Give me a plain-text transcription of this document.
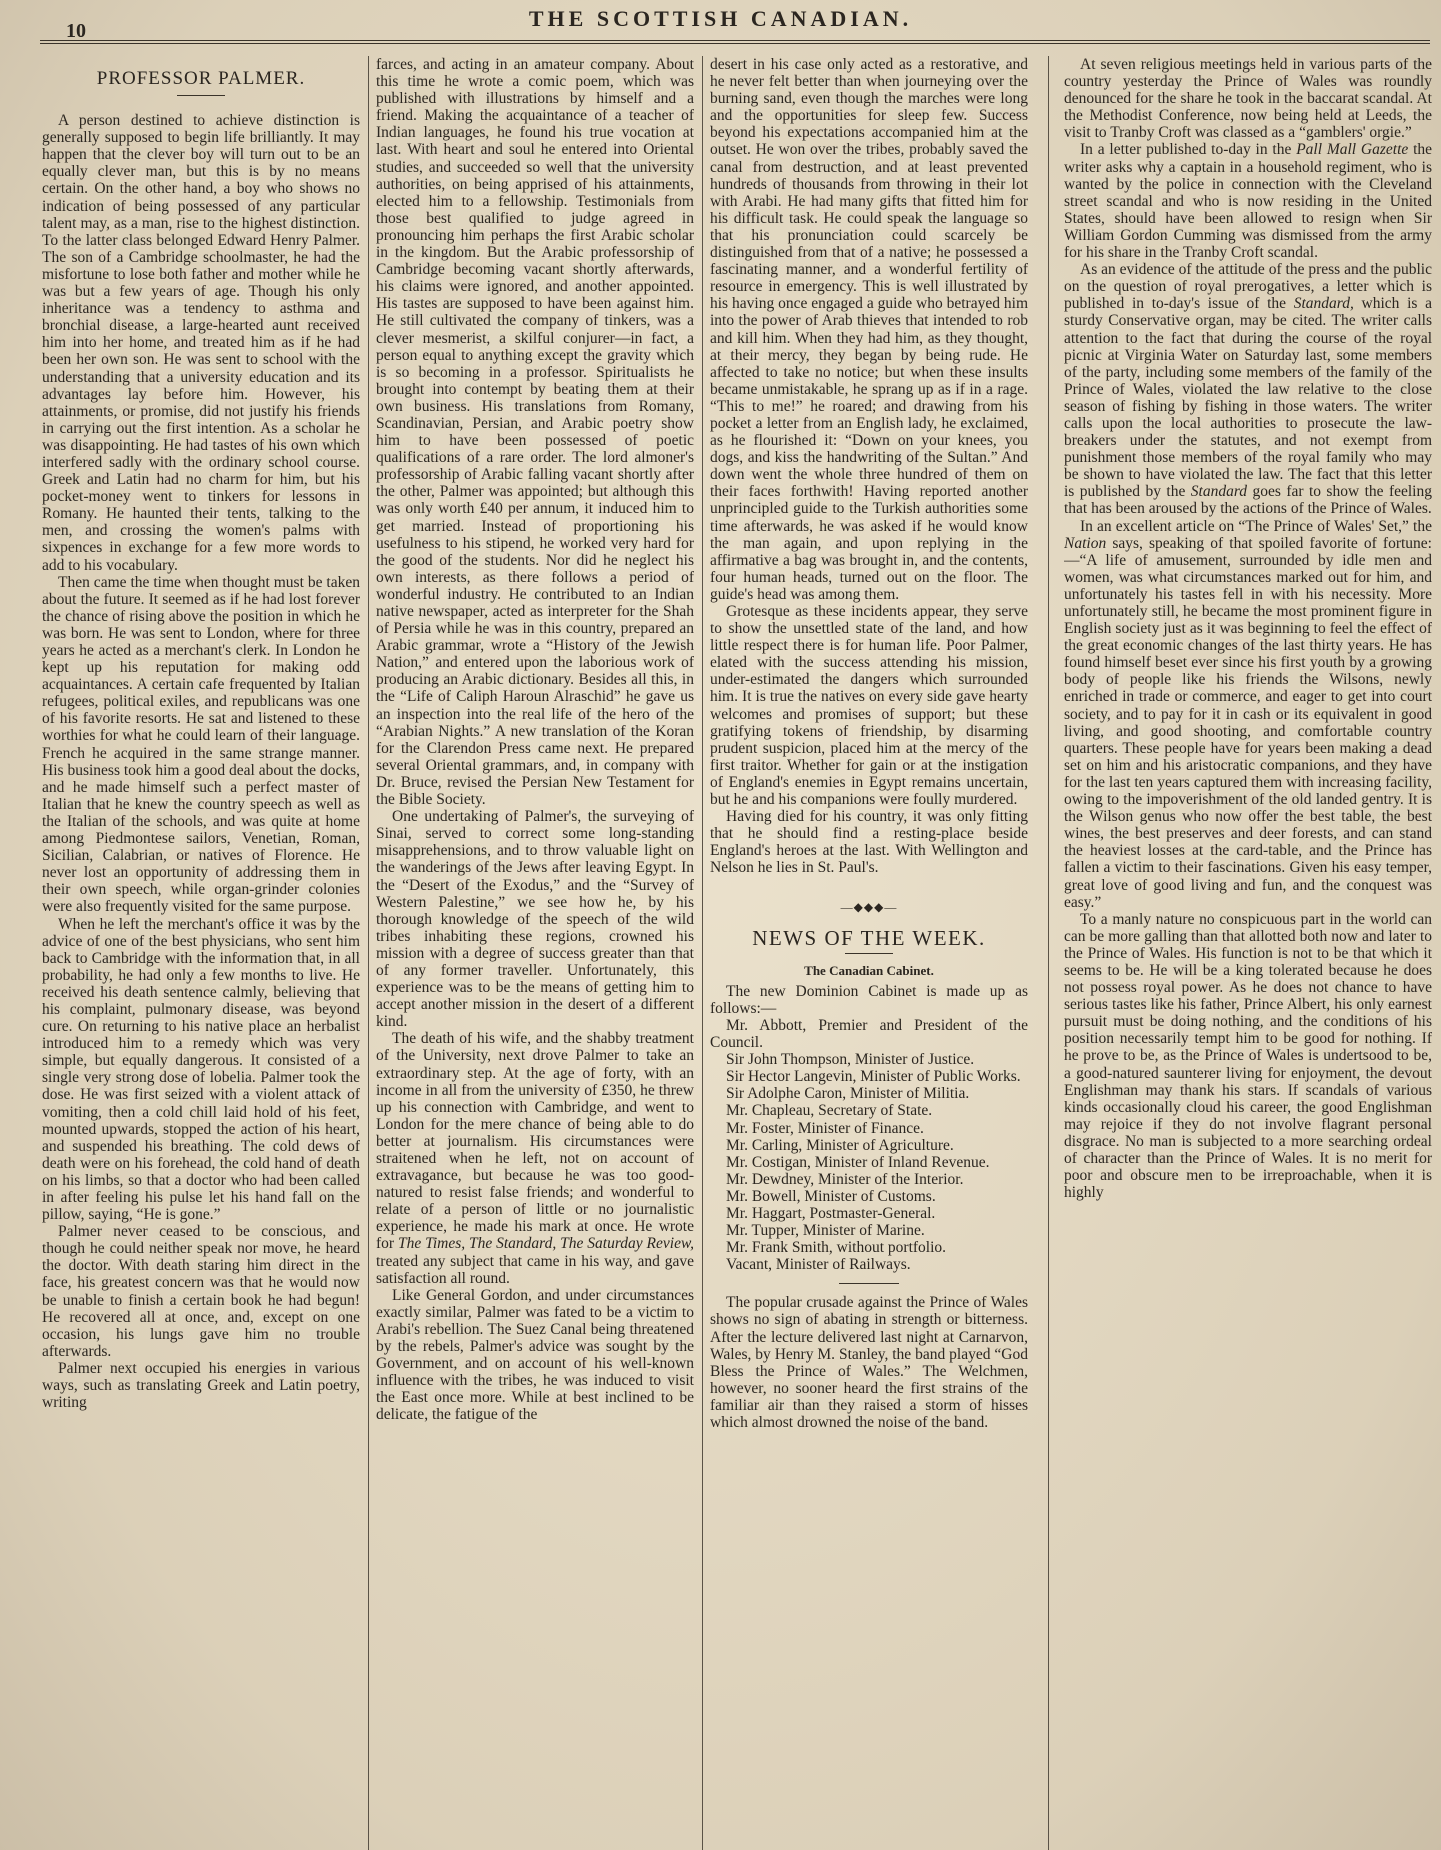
10	THE SCOTTISH CANADIAN.
PROFESSOR PALMER.

A person destined to achieve distinction is generally supposed to begin life brilliantly. It may happen that the clever boy will turn out to be an equally clever man, but this is by no means certain. On the other hand, a boy who shows no indication of being possessed of any particular talent may, as a man, rise to the highest distinction. To the latter class belonged Edward Henry Palmer. The son of a Cambridge schoolmaster, he had the misfortune to lose both father and mother while he was but a few years of age. Though his only inheritance was a tendency to asthma and bronchial disease, a large-hearted aunt received him into her home, and treated him as if he had been her own son. He was sent to school with the understanding that a university education and its advantages lay before him. However, his attainments, or promise, did not justify his friends in carrying out the first intention. As a scholar he was disappointing. He had tastes of his own which interfered sadly with the ordinary school course. Greek and Latin had no charm for him, but his pocket-money went to tinkers for lessons in Romany. He haunted their tents, talking to the men, and crossing the women's palms with sixpences in exchange for a few more words to add to his vocabulary.

Then came the time when thought must be taken about the future. It seemed as if he had lost forever the chance of rising above the position in which he was born. He was sent to London, where for three years he acted as a merchant's clerk. In London he kept up his reputation for making odd acquaintances. A certain cafe frequented by Italian refugees, political exiles, and republicans was one of his favorite resorts. He sat and listened to these worthies for what he could learn of their language. French he acquired in the same strange manner. His business took him a good deal about the docks, and he made himself such a perfect master of Italian that he knew the country speech as well as the Italian of the schools, and was quite at home among Piedmontese sailors, Venetian, Roman, Sicilian, Calabrian, or natives of Florence. He never lost an opportunity of addressing them in their own speech, while organ-grinder colonies were also frequently visited for the same purpose.

When he left the merchant's office it was by the advice of one of the best physicians, who sent him back to Cambridge with the information that, in all probability, he had only a few months to live. He received his death sentence calmly, believing that his complaint, pulmonary disease, was beyond cure. On returning to his native place an herbalist introduced him to a remedy which was very simple, but equally dangerous. It consisted of a single very strong dose of lobelia. Palmer took the dose. He was first seized with a violent attack of vomiting, then a cold chill laid hold of his feet, mounted upwards, stopped the action of his heart, and suspended his breathing. The cold dews of death were on his forehead, the cold hand of death on his limbs, so that a doctor who had been called in after feeling his pulse let his hand fall on the pillow, saying, “He is gone.”

Palmer never ceased to be conscious, and though he could neither speak nor move, he heard the doctor. With death staring him direct in the face, his greatest concern was that he would now be unable to finish a certain book he had begun! He recovered all at once, and, except on one occasion, his lungs gave him no trouble afterwards.

Palmer next occupied his energies in various ways, such as translating Greek and Latin poetry, writing

farces, and acting in an amateur company. About this time he wrote a comic poem, which was published with illustrations by himself and a friend. Making the acquaintance of a teacher of Indian languages, he found his true vocation at last. With heart and soul he entered into Oriental studies, and succeeded so well that the university authorities, on being apprised of his attainments, elected him to a fellowship. Testimonials from those best qualified to judge agreed in pronouncing him perhaps the first Arabic scholar in the kingdom. But the Arabic professorship of Cambridge becoming vacant shortly afterwards, his claims were ignored, and another appointed. His tastes are supposed to have been against him. He still cultivated the company of tinkers, was a clever mesmerist, a skilful conjurer—in fact, a person equal to anything except the gravity which is so becoming in a professor. Spiritualists he brought into contempt by beating them at their own business. His translations from Romany, Scandinavian, Persian, and Arabic poetry show him to have been possessed of poetic qualifications of a rare order. The lord almoner's professorship of Arabic falling vacant shortly after the other, Palmer was appointed; but although this was only worth £40 per annum, it induced him to get married. Instead of proportioning his usefulness to his stipend, he worked very hard for the good of the students. Nor did he neglect his own interests, as there follows a period of wonderful industry. He contributed to an Indian native newspaper, acted as interpreter for the Shah of Persia while he was in this country, prepared an Arabic grammar, wrote a “History of the Jewish Nation,” and entered upon the laborious work of producing an Arabic dictionary. Besides all this, in the “Life of Caliph Haroun Alraschid” he gave us an inspection into the real life of the hero of the “Arabian Nights.” A new translation of the Koran for the Clarendon Press came next. He prepared several Oriental grammars, and, in company with Dr. Bruce, revised the Persian New Testament for the Bible Society.

One undertaking of Palmer's, the surveying of Sinai, served to correct some long-standing misapprehensions, and to throw valuable light on the wanderings of the Jews after leaving Egypt. In the “Desert of the Exodus,” and the “Survey of Western Palestine,” we see how he, by his thorough knowledge of the speech of the wild tribes inhabiting these regions, crowned his mission with a degree of success greater than that of any former traveller. Unfortunately, this experience was to be the means of getting him to accept another mission in the desert of a different kind.

The death of his wife, and the shabby treatment of the University, next drove Palmer to take an extraordinary step. At the age of forty, with an income in all from the university of £350, he threw up his connection with Cambridge, and went to London for the mere chance of being able to do better at journalism. His circumstances were straitened when he left, not on account of extravagance, but because he was too good-natured to resist false friends; and wonderful to relate of a person of little or no journalistic experience, he made his mark at once. He wrote for The Times, The Standard, The Saturday Review, treated any subject that came in his way, and gave satisfaction all round.

Like General Gordon, and under circumstances exactly similar, Palmer was fated to be a victim to Arabi's rebellion. The Suez Canal being threatened by the rebels, Palmer's advice was sought by the Government, and on account of his well-known influence with the tribes, he was induced to visit the East once more. While at best inclined to be delicate, the fatigue of the

desert in his case only acted as a restorative, and he never felt better than when journeying over the burning sand, even though the marches were long and the opportunities for sleep few. Success beyond his expectations accompanied him at the outset. He won over the tribes, probably saved the canal from destruction, and at least prevented hundreds of thousands from throwing in their lot with Arabi. He had many gifts that fitted him for his difficult task. He could speak the language so that his pronunciation could scarcely be distinguished from that of a native; he possessed a fascinating manner, and a wonderful fertility of resource in emergency. This is well illustrated by his having once engaged a guide who betrayed him into the power of Arab thieves that intended to rob and kill him. When they had him, as they thought, at their mercy, they began by being rude. He affected to take no notice; but when these insults became unmistakable, he sprang up as if in a rage. “This to me!” he roared; and drawing from his pocket a letter from an English lady, he exclaimed, as he flourished it: “Down on your knees, you dogs, and kiss the handwriting of the Sultan.” And down went the whole three hundred of them on their faces forthwith! Having reported another unprincipled guide to the Turkish authorities some time afterwards, he was asked if he would know the man again, and upon replying in the affirmative a bag was brought in, and the contents, four human heads, turned out on the floor. The guide's head was among them.

Grotesque as these incidents appear, they serve to show the unsettled state of the land, and how little respect there is for human life. Poor Palmer, elated with the success attending his mission, under-estimated the dangers which surrounded him. It is true the natives on every side gave hearty welcomes and promises of support; but these gratifying tokens of friendship, by disarming prudent suspicion, placed him at the mercy of the first traitor. Whether for gain or at the instigation of England's enemies in Egypt remains uncertain, but he and his companions were foully murdered.

Having died for his country, it was only fitting that he should find a resting-place beside England's heroes at the last. With Wellington and Nelson he lies in St. Paul's.

—◆◆◆—
NEWS OF THE WEEK.
The Canadian Cabinet.

The new Dominion Cabinet is made up as follows:—

Mr. Abbott, Premier and President of the Council.

Sir John Thompson, Minister of Justice.

Sir Hector Langevin, Minister of Public Works.

Sir Adolphe Caron, Minister of Militia.

Mr. Chapleau, Secretary of State.

Mr. Foster, Minister of Finance.

Mr. Carling, Minister of Agriculture.

Mr. Costigan, Minister of Inland Revenue.

Mr. Dewdney, Minister of the Interior.

Mr. Bowell, Minister of Customs.

Mr. Haggart, Postmaster-General.

Mr. Tupper, Minister of Marine.

Mr. Frank Smith, without portfolio.

Vacant, Minister of Railways.

The popular crusade against the Prince of Wales shows no sign of abating in strength or bitterness. After the lecture delivered last night at Carnarvon, Wales, by Henry M. Stanley, the band played “God Bless the Prince of Wales.” The Welchmen, however, no sooner heard the first strains of the familiar air than they raised a storm of hisses which almost drowned the noise of the band.

At seven religious meetings held in various parts of the country yesterday the Prince of Wales was roundly denounced for the share he took in the baccarat scandal. At the Methodist Conference, now being held at Leeds, the visit to Tranby Croft was classed as a “gamblers' orgie.”

In a letter published to-day in the Pall Mall Gazette the writer asks why a captain in a household regiment, who is wanted by the police in connection with the Cleveland street scandal and who is now residing in the United States, should have been allowed to resign when Sir William Gordon Cumming was dismissed from the army for his share in the Tranby Croft scandal.

As an evidence of the attitude of the press and the public on the question of royal prerogatives, a letter which is published in to-day's issue of the Standard, which is a sturdy Conservative organ, may be cited. The writer calls attention to the fact that during the course of the royal picnic at Virginia Water on Saturday last, some members of the party, including some members of the family of the Prince of Wales, violated the law relative to the close season of fishing by fishing in those waters. The writer calls upon the local authorities to prosecute the law-breakers under the statutes, and not exempt from punishment those members of the royal family who may be shown to have violated the law. The fact that this letter is published by the Standard goes far to show the feeling that has been aroused by the actions of the Prince of Wales.

In an excellent article on “The Prince of Wales' Set,” the Nation says, speaking of that spoiled favorite of fortune:—“A life of amusement, surrounded by idle men and women, was what circumstances marked out for him, and unfortunately his tastes fell in with his necessity. More unfortunately still, he became the most prominent figure in English society just as it was beginning to feel the effect of the great economic changes of the last thirty years. He has found himself beset ever since his first youth by a growing body of people like his friends the Wilsons, newly enriched in trade or commerce, and eager to get into court society, and to pay for it in cash or its equivalent in good living, and good shooting, and comfortable country quarters. These people have for years been making a dead set on him and his aristocratic companions, and they have for the last ten years captured them with increasing facility, owing to the impoverishment of the old landed gentry. It is the Wilson genus who now offer the best table, the best wines, the best preserves and deer forests, and can stand the heaviest losses at the card-table, and the Prince has fallen a victim to their fascinations. Given his easy temper, great love of good living and fun, and the conquest was easy.”

To a manly nature no conspicuous part in the world can can be more galling than that allotted both now and later to the Prince of Wales. His function is not to be that which it seems to be. He will be a king tolerated because he does not possess royal power. As he does not chance to have serious tastes like his father, Prince Albert, his only earnest pursuit must be doing nothing, and the conditions of his position necessarily tempt him to be good for nothing. If he prove to be, as the Prince of Wales is undertsood to be, a good-natured saunterer living for enjoyment, the devout Englishman may thank his stars. If scandals of various kinds occasionally cloud his career, the good Englishman may rejoice if they do not involve flagrant personal disgrace. No man is subjected to a more searching ordeal of character than the Prince of Wales. It is no merit for poor and obscure men to be irreproachable, when it is highly
